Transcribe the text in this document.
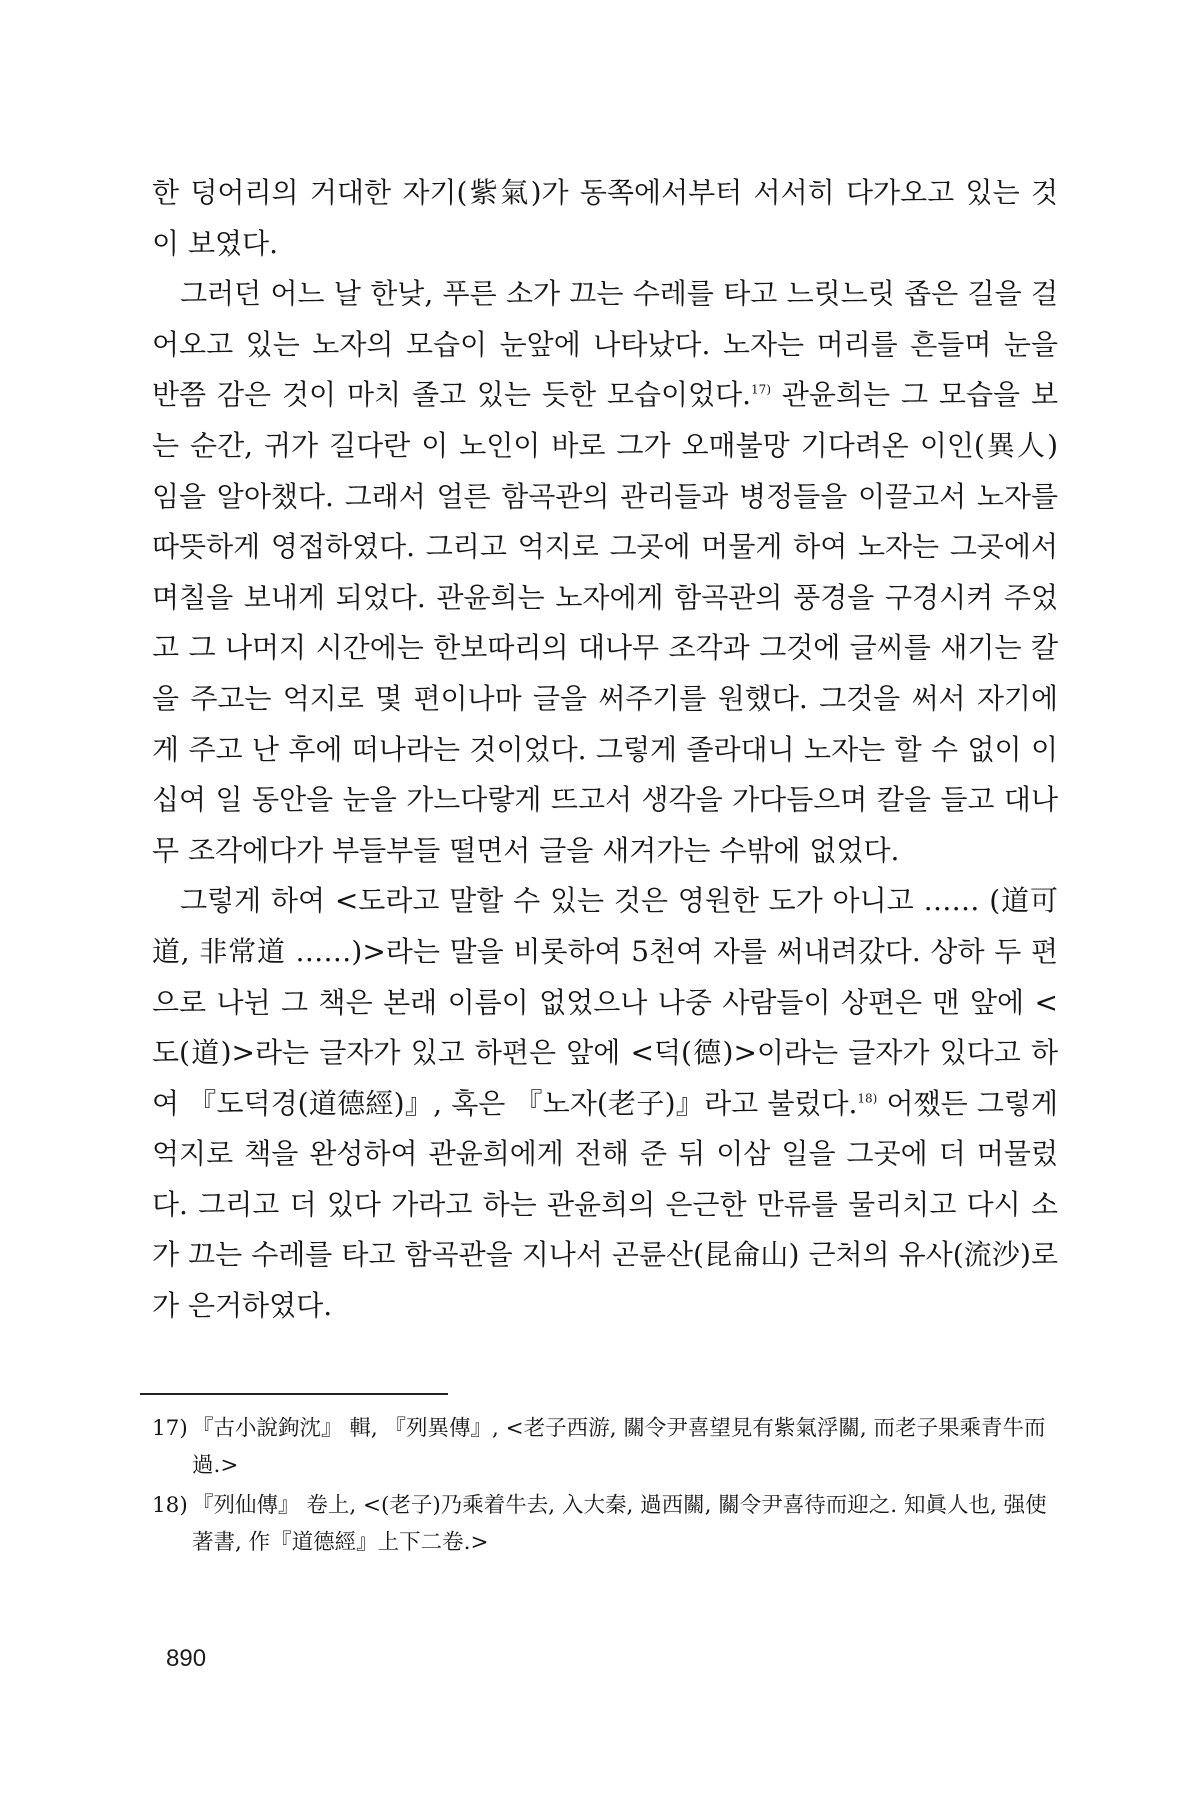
한 덩어리의 거대한 자기(紫氣)가 동쪽에서부터 서서히 다가오고 있는 것이 보였다.

그러던 어느 날 한낮, 푸른 소가 끄는 수레를 타고 느릿느릿 좁은 길을 걸어오고 있는 노자의 모습이 눈앞에 나타났다. 노자는 머리를 흔들며 눈을 반쯤 감은 것이 마치 졸고 있는 듯한 모습이었다.$^{17)}$ 관윤희는 그 모습을 보는 순간, 귀가 길다란 이 노인이 바로 그가 오매불망 기다려온 이인(異人)임을 알아챘다. 그래서 얼른 함곡관의 관리들과 병정들을 이끌고서 노자를 따뜻하게 영접하였다. 그리고 억지로 그곳에 머물게 하여 노자는 그곳에서 며칠을 보내게 되었다. 관윤희는 노자에게 함곡관의 풍경을 구경시켜 주었고 그 나머지 시간에는 한보따리의 대나무 조각과 그것에 글씨를 새기는 칼을 주고는 억지로 몇 편이나마 글을 써주기를 원했다. 그것을 써서 자기에게 주고 난 후에 떠나라는 것이었다. 그렇게 졸라대니 노자는 할 수 없이 이십여 일 동안을 눈을 가느다랗게 뜨고서 생각을 가다듬으며 칼을 들고 대나무 조각에다가 부들부들 떨면서 글을 새겨가는 수밖에 없었다.

그렇게 하여 <도라고 말할 수 있는 것은 영원한 도가 아니고 …… (道可道, 非常道 ……)>라는 말을 비롯하여 5천여 자를 써내려갔다. 상하 두 편으로 나뉜 그 책은 본래 이름이 없었으나 나중 사람들이 상편은 맨 앞에 <도(道)>라는 글자가 있고 하편은 앞에 <덕(德)>이라는 글자가 있다고 하여 『도덕경(道德經)』, 혹은 『노자(老子)』라고 불렀다.$^{18)}$ 어쨌든 그렇게 억지로 책을 완성하여 관윤희에게 전해 준 뒤 이삼 일을 그곳에 더 머물렀다. 그리고 더 있다 가라고 하는 관윤희의 은근한 만류를 물리치고 다시 소가 끄는 수레를 타고 함곡관을 지나서 곤륜산(昆侖山) 근처의 유사(流沙)로 가 은거하였다.

17) 『古小說鉤沈』 輯, 『列異傳』, <老子西游, 關令尹喜望見有紫氣浮關, 而老子果乘青牛而過.>
18) 『列仙傳』 卷上, <(老子)乃乘着牛去, 入大秦, 過西關, 關令尹喜待而迎之. 知眞人也, 强使著書, 作『道德經』上下二卷.>
890
